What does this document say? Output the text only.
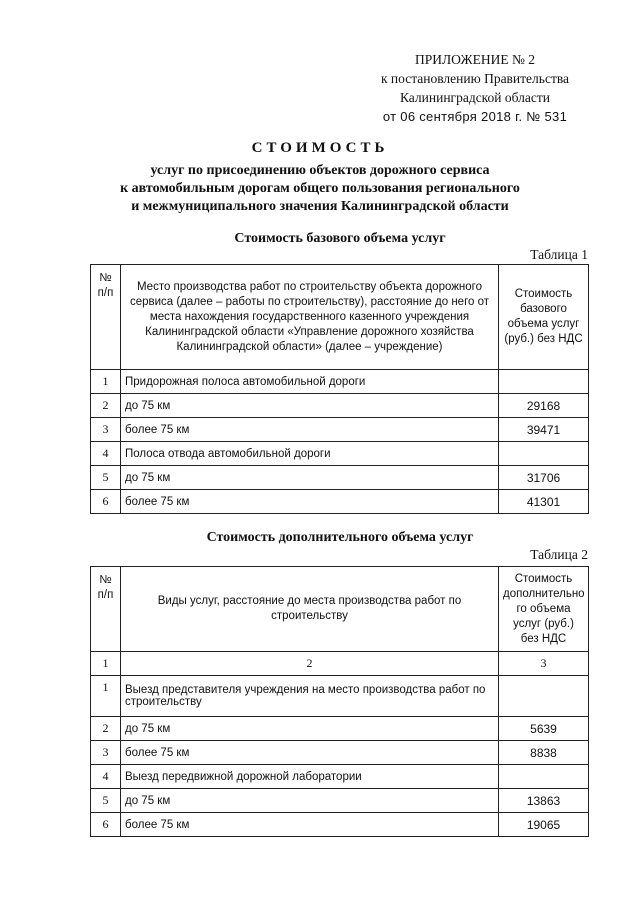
ПРИЛОЖЕНИЕ № 2
к постановлению Правительства
Калининградской области
от 06 сентября 2018 г. № 531
СТОИМОСТЬ
услуг по присоединению объектов дорожного сервиса
к автомобильным дорогам общего пользования регионального
и межмуниципального значения Калининградской области
Стоимость базового объема услуг
Таблица 1
№ п/п	Место производства работ по строительству объекта дорожного сервиса (далее – работы по строительству), расстояние до него от места нахождения государственного казенного учреждения Калининградской области «Управление дорожного хозяйства Калининградской области» (далее – учреждение)	Стоимость базового объема услуг (руб.) без НДС
1	Придорожная полоса автомобильной дороги	
2	до 75 км	29168
3	более 75 км	39471
4	Полоса отвода автомобильной дороги	
5	до 75 км	31706
6	более 75 км	41301
Стоимость дополнительного объема услуг
Таблица 2
№ п/п	Виды услуг, расстояние до места производства работ по строительству	Стоимость дополнительно го объема услуг (руб.) без НДС
1	2	3
1	Выезд представителя учреждения на место производства работ по строительству	
2	до 75 км	5639
3	более 75 км	8838
4	Выезд передвижной дорожной лаборатории	
5	до 75 км	13863
6	более 75 км	19065
